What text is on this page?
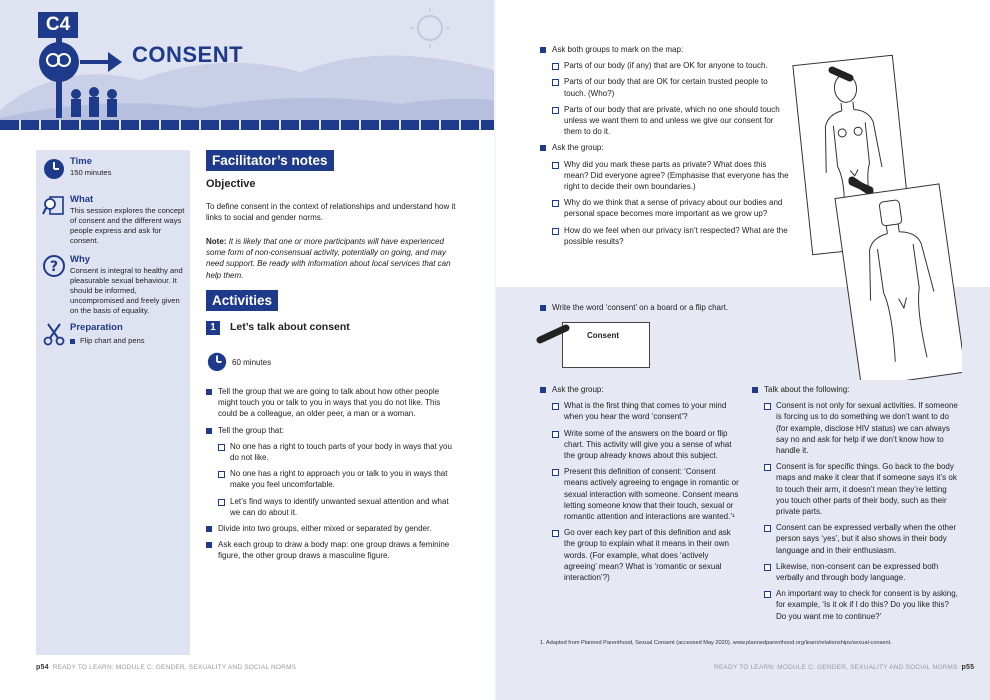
C4
CONSENT
Time
150 minutes
What
This session explores the concept of consent and the different ways people express and ask for consent.
? Why
Consent is integral to healthy and pleasurable sexual behaviour. It should be informed, uncompromised and freely given on the basis of equality.
Preparation
Flip chart and pens
Facilitator’s notes
Objective
To define consent in the context of relationships and understand how it links to social and gender norms.
Note: It is likely that one or more participants will have experienced some form of non-consensual activity, potentially on going, and may need support. Be ready with information about local services that can help them.
Activities
1	Let’s talk about consent
60 minutes
Tell the group that we are going to talk about how other people might touch you or talk to you in ways that you do not like. This could be a colleague, an older peer, a man or a woman.
Tell the group that:
No one has a right to touch parts of your body in ways that you do not like.
No one has a right to approach you or talk to you in ways that make you feel uncomfortable.
Let’s find ways to identify unwanted sexual attention and what we can do about it.
Divide into two groups, either mixed or separated by gender.
Ask each group to draw a body map: one group draws a feminine figure, the other group draws a masculine figure.
p54 READY TO LEARN: MODULE C: GENDER, SEXUALITY AND SOCIAL NORMS
Ask both groups to mark on the map:
Parts of our body (if any) that are OK for anyone to touch.
Parts of our body that are OK for certain trusted people to touch. (Who?)
Parts of our body that are private, which no one should touch unless we want them to and unless we give our consent for them to do it.
Ask the group:
Why did you mark these parts as private? What does this mean? Did everyone agree? (Emphasise that everyone has the right to decide their own boundaries.)
Why do we think that a sense of privacy about our bodies and personal space becomes more important as we grow up?
How do we feel when our privacy isn’t respected? What are the possible results?
Write the word ‘consent’ on a board or a flip chart.
Consent
Ask the group:
What is the first thing that comes to your mind when you hear the word ‘consent’?
Write some of the answers on the board or flip chart. This activity will give you a sense of what the group already knows about this subject.
Present this definition of consent: ‘Consent means actively agreeing to engage in romantic or sexual interaction with someone. Consent means letting someone know that their touch, sexual or romantic attention and interactions are wanted.’¹
Go over each key part of this definition and ask the group to explain what it means in their own words. (For example, what does ‘actively agreeing’ mean? What is ‘romantic or sexual interaction’?)
Talk about the following:
Consent is not only for sexual activities. If someone is forcing us to do something we don’t want to do (for example, disclose HIV status) we can always say no and ask for help if we don’t know how to handle it.
Consent is for specific things. Go back to the body maps and make it clear that if someone says it’s ok to touch their arm, it doesn’t mean they’re letting you touch other parts of their body, such as their private parts.
Consent can be expressed verbally when the other person says ‘yes’, but it also shows in their body language and in their enthusiasm.
Likewise, non-consent can be expressed both verbally and through body language.
An important way to check for consent is by asking, for example, ‘Is it ok if I do this? Do you like this? Do you want me to continue?’
1. Adapted from Planned Parenthood, Sexual Consent (accessed May 2020). www.plannedparenthood.org/learn/relationships/sexual-consent.
READY TO LEARN: MODULE C: GENDER, SEXUALITY AND SOCIAL NORMS p55
